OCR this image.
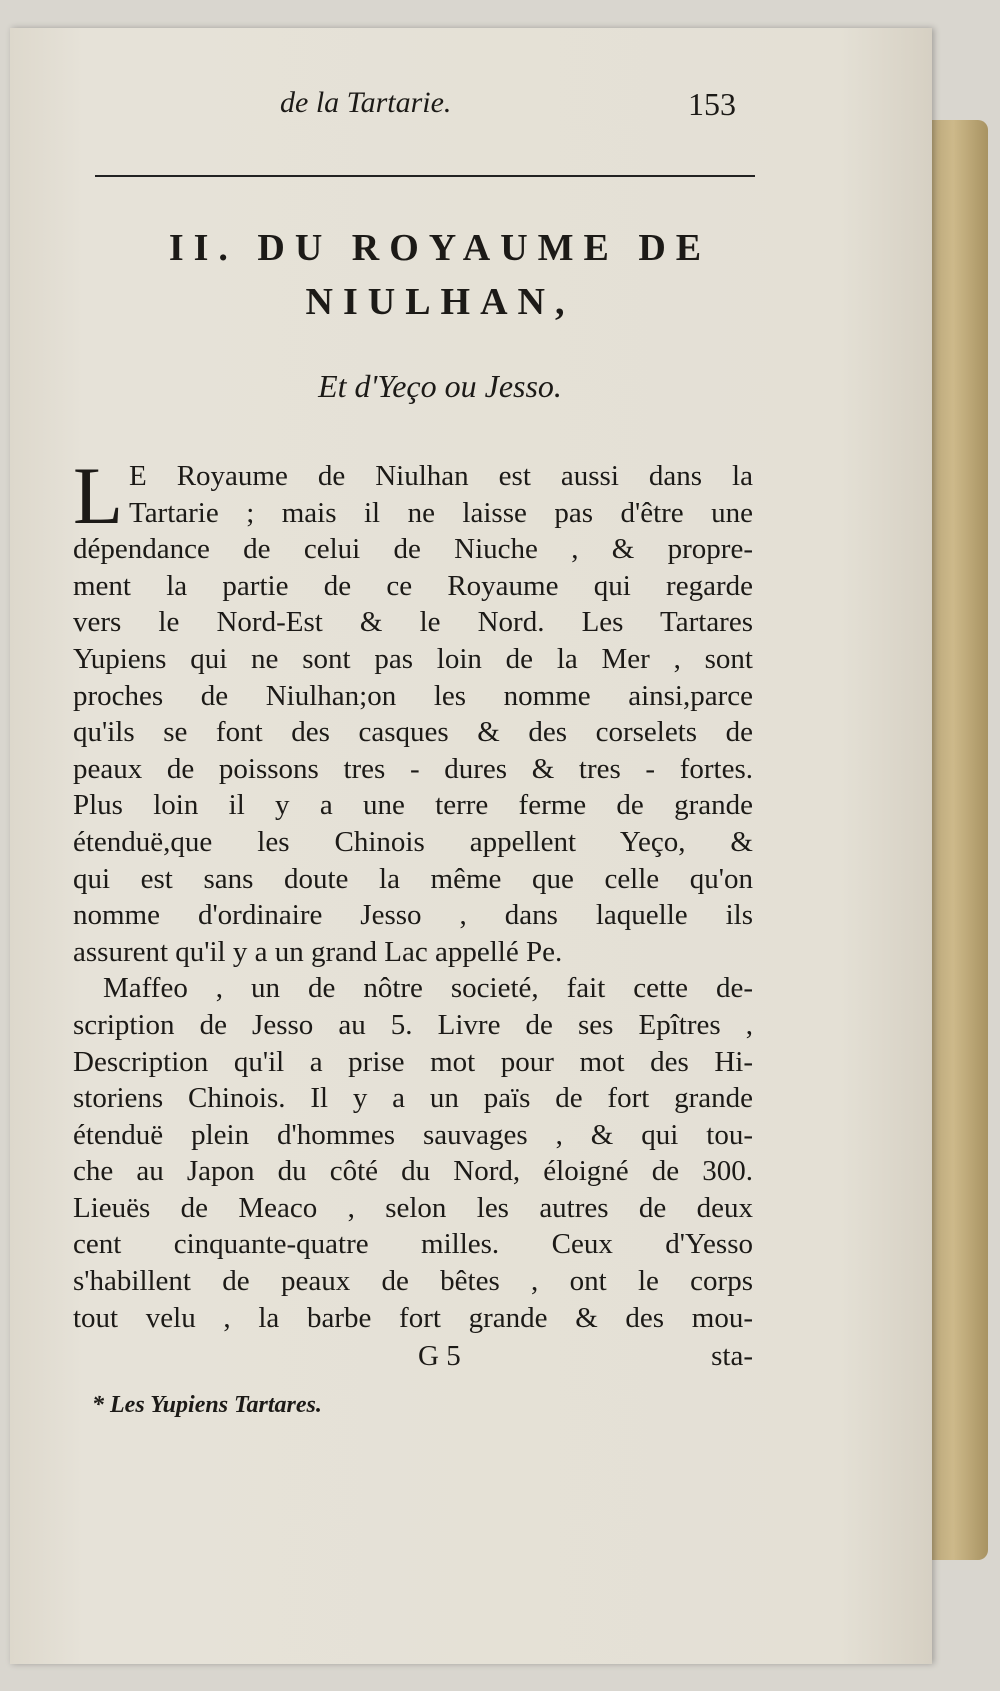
de la Tartarie.	153
II. DU ROYAUME DE
NIULHAN,
Et d'Yeço ou Jesso.
L E Royaume de Niulhan est aussi dans la
Tartarie ; mais il ne laisse pas d'être une
dépendance de celui de Niuche , & propre-
ment la partie de ce Royaume qui regarde
vers le Nord-Est & le Nord. Les Tartares
Yupiens qui ne sont pas loin de la Mer , sont
proches de Niulhan;on les nomme ainsi,parce
qu'ils se font des casques & des corselets de
peaux de poissons tres - dures & tres - fortes.
Plus loin il y a une terre ferme de grande
étenduë,que les Chinois appellent Yeço, &
qui est sans doute la même que celle qu'on
nomme d'ordinaire Jesso , dans laquelle ils
assurent qu'il y a un grand Lac appellé Pe.
Maffeo , un de nôtre societé, fait cette de-
scription de Jesso au 5. Livre de ses Epîtres ,
Description qu'il a prise mot pour mot des Hi-
storiens Chinois. Il y a un païs de fort grande
étenduë plein d'hommes sauvages , & qui tou-
che au Japon du côté du Nord, éloigné de 300.
Lieuës de Meaco , selon les autres de deux
cent cinquante-quatre milles. Ceux d'Yesso
s'habillent de peaux de bêtes , ont le corps
tout velu , la barbe fort grande & des mou-
G 5	sta-
* Les Yupiens Tartares.
